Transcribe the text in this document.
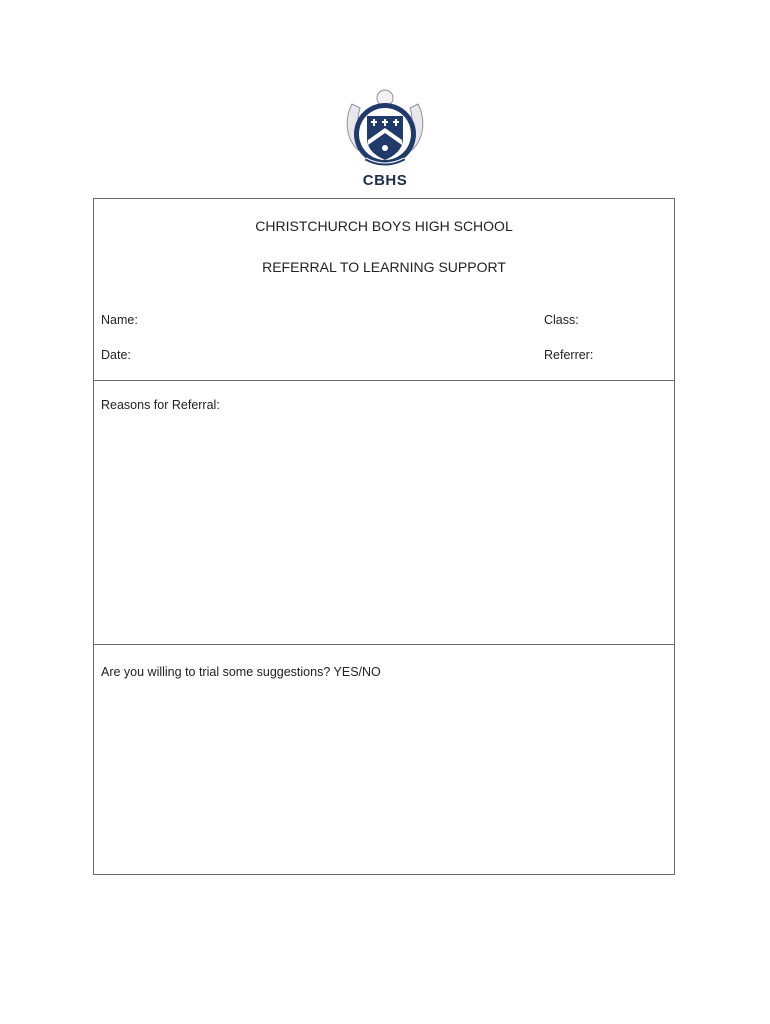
CBHS
CHRISTCHURCH BOYS HIGH SCHOOL
REFERRAL TO LEARNING SUPPORT
Name:	Class:
Date:	Referrer:
Reasons for Referral:
Are you willing to trial some suggestions? YES/NO
